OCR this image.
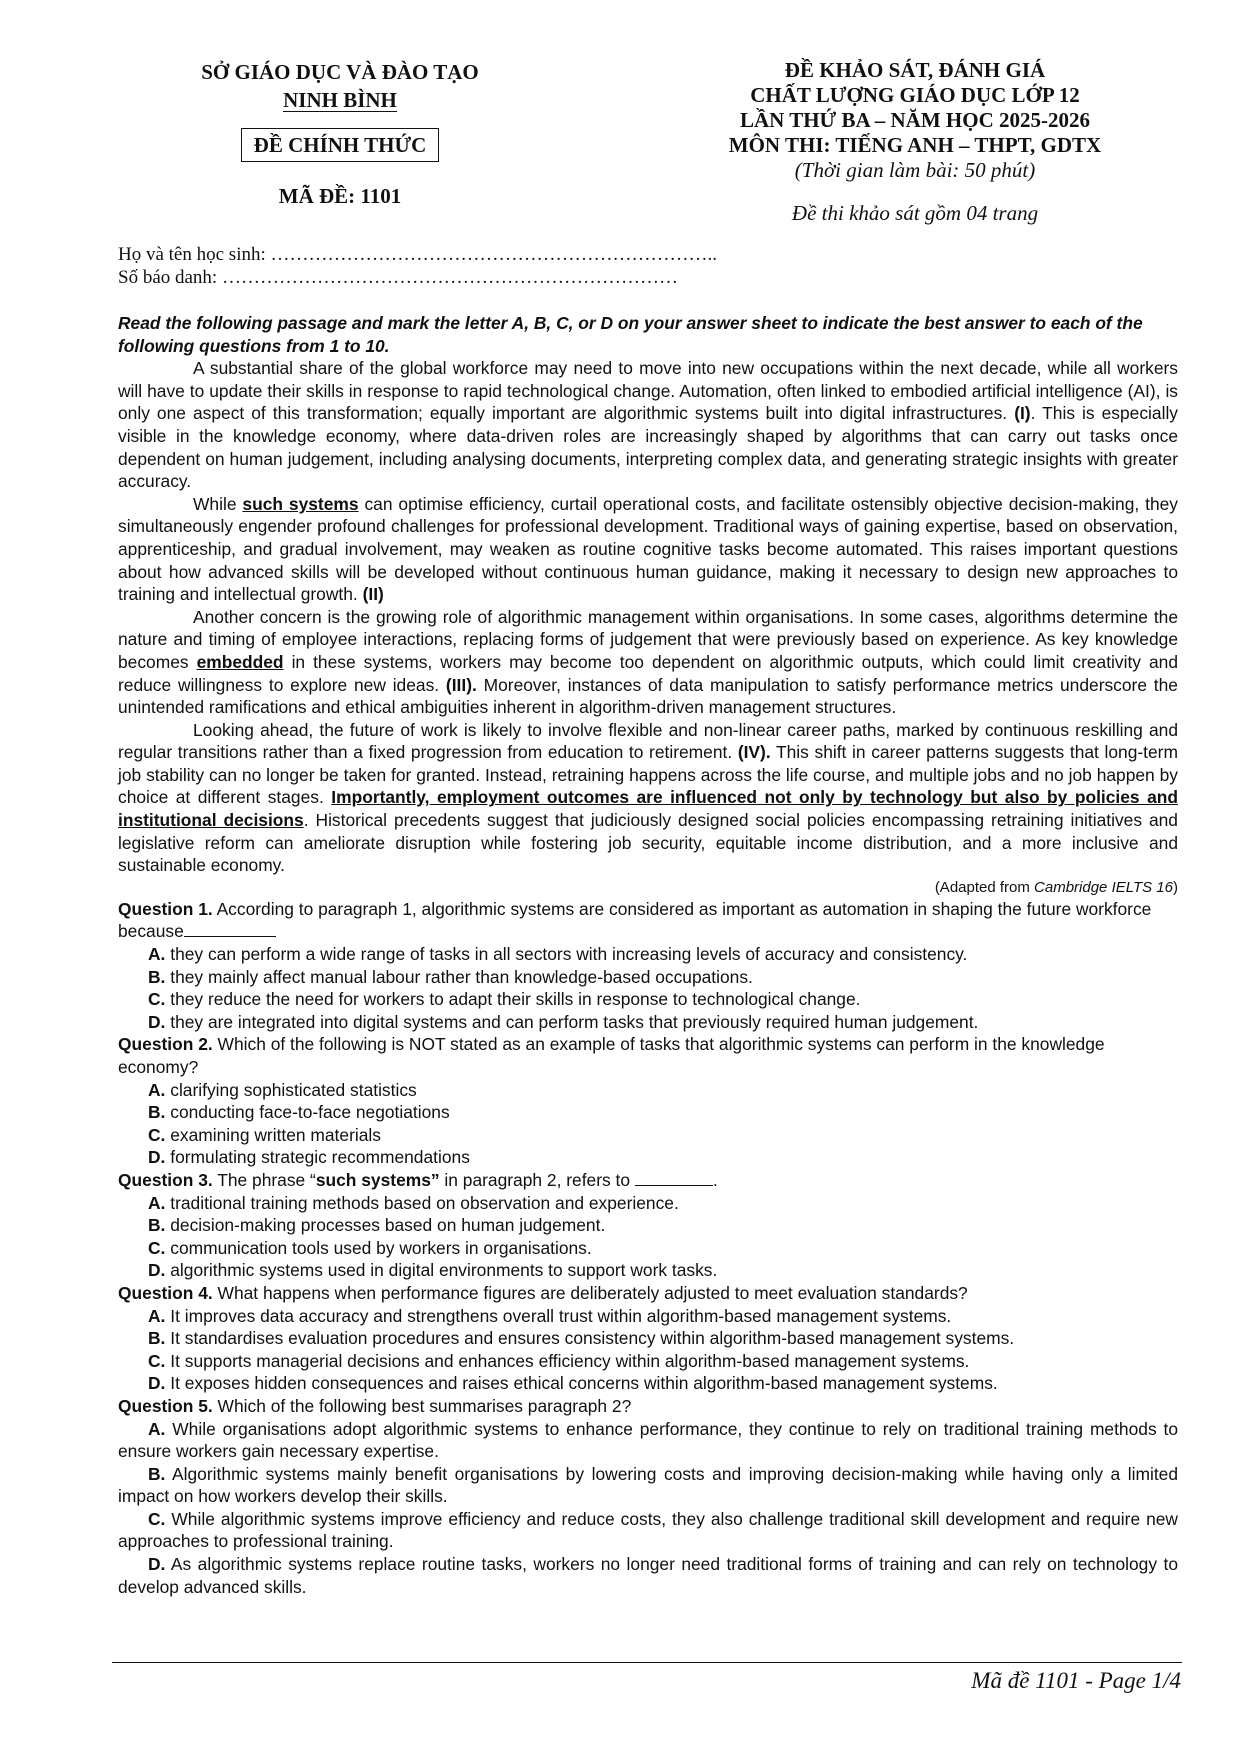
SỞ GIÁO DỤC VÀ ĐÀO TẠO
NINH BÌNH
ĐỀ CHÍNH THỨC
MÃ ĐỀ: 1101
ĐỀ KHẢO SÁT, ĐÁNH GIÁ
CHẤT LƯỢNG GIÁO DỤC LỚP 12
LẦN THỨ BA – NĂM HỌC 2025-2026
MÔN THI: TIẾNG ANH – THPT, GDTX
(Thời gian làm bài: 50 phút)
Đề thi khảo sát gồm 04 trang
Họ và tên học sinh: ……………………………………………………………..
Số báo danh: ………………………………………………………………

Read the following passage and mark the letter A, B, C, or D on your answer sheet to indicate the best answer to each of the following questions from 1 to 10.

A substantial share of the global workforce may need to move into new occupations within the next decade, while all workers will have to update their skills in response to rapid technological change. Automation, often linked to embodied artificial intelligence (AI), is only one aspect of this transformation; equally important are algorithmic systems built into digital infrastructures. (I). This is especially visible in the knowledge economy, where data-driven roles are increasingly shaped by algorithms that can carry out tasks once dependent on human judgement, including analysing documents, interpreting complex data, and generating strategic insights with greater accuracy.

While such systems can optimise efficiency, curtail operational costs, and facilitate ostensibly objective decision-making, they simultaneously engender profound challenges for professional development. Traditional ways of gaining expertise, based on observation, apprenticeship, and gradual involvement, may weaken as routine cognitive tasks become automated. This raises important questions about how advanced skills will be developed without continuous human guidance, making it necessary to design new approaches to training and intellectual growth. (II)

Another concern is the growing role of algorithmic management within organisations. In some cases, algorithms determine the nature and timing of employee interactions, replacing forms of judgement that were previously based on experience. As key knowledge becomes embedded in these systems, workers may become too dependent on algorithmic outputs, which could limit creativity and reduce willingness to explore new ideas. (III). Moreover, instances of data manipulation to satisfy performance metrics underscore the unintended ramifications and ethical ambiguities inherent in algorithm-driven management structures.

Looking ahead, the future of work is likely to involve flexible and non-linear career paths, marked by continuous reskilling and regular transitions rather than a fixed progression from education to retirement. (IV). This shift in career patterns suggests that long-term job stability can no longer be taken for granted. Instead, retraining happens across the life course, and multiple jobs and no job happen by choice at different stages. Importantly, employment outcomes are influenced not only by technology but also by policies and institutional decisions. Historical precedents suggest that judiciously designed social policies encompassing retraining initiatives and legislative reform can ameliorate disruption while fostering job security, equitable income distribution, and a more inclusive and sustainable economy.

(Adapted from Cambridge IELTS 16)

Question 1. According to paragraph 1, algorithmic systems are considered as important as automation in shaping the future workforce because

A. they can perform a wide range of tasks in all sectors with increasing levels of accuracy and consistency.

B. they mainly affect manual labour rather than knowledge-based occupations.

C. they reduce the need for workers to adapt their skills in response to technological change.

D. they are integrated into digital systems and can perform tasks that previously required human judgement.

Question 2. Which of the following is NOT stated as an example of tasks that algorithmic systems can perform in the knowledge economy?

A. clarifying sophisticated statistics

B. conducting face-to-face negotiations

C. examining written materials

D. formulating strategic recommendations

Question 3. The phrase “such systems” in paragraph 2, refers to	.

A. traditional training methods based on observation and experience.

B. decision-making processes based on human judgement.

C. communication tools used by workers in organisations.

D. algorithmic systems used in digital environments to support work tasks.

Question 4. What happens when performance figures are deliberately adjusted to meet evaluation standards?

A. It improves data accuracy and strengthens overall trust within algorithm-based management systems.

B. It standardises evaluation procedures and ensures consistency within algorithm-based management systems.

C. It supports managerial decisions and enhances efficiency within algorithm-based management systems.

D. It exposes hidden consequences and raises ethical concerns within algorithm-based management systems.

Question 5. Which of the following best summarises paragraph 2?

A. While organisations adopt algorithmic systems to enhance performance, they continue to rely on traditional training methods to ensure workers gain necessary expertise.

B. Algorithmic systems mainly benefit organisations by lowering costs and improving decision-making while having only a limited impact on how workers develop their skills.

C. While algorithmic systems improve efficiency and reduce costs, they also challenge traditional skill development and require new approaches to professional training.

D. As algorithmic systems replace routine tasks, workers no longer need traditional forms of training and can rely on technology to develop advanced skills.

Mã đề 1101 - Page 1/4
